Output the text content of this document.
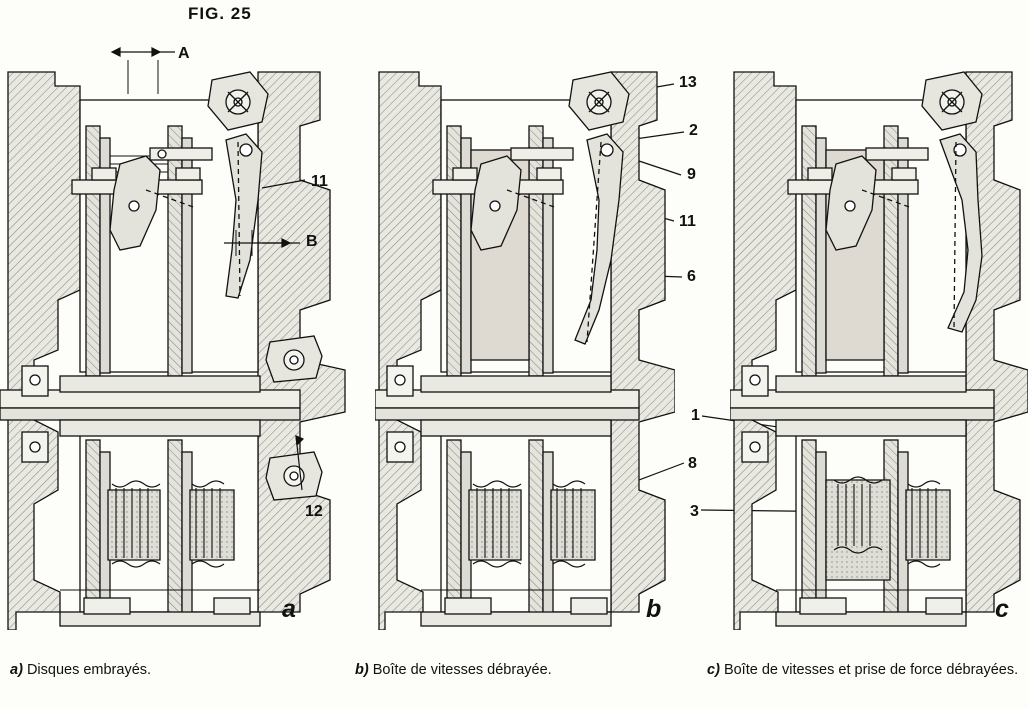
FIG. 25
A
B
11
12
13
2
9
11
6
8
1
3
a	b	c
a) Disques embrayés.	b) Boîte de vitesses débrayée.	c) Boîte de vitesses et prise de force débrayées.
